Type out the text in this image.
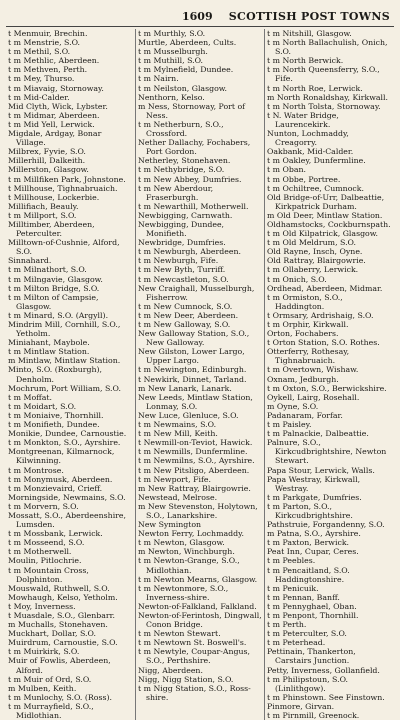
1609 SCOTTISH POST TOWNS

t Menmuir, Brechin.

t m Menstrie, S.O.

t m Methil, S.O.

t m Methlic, Aberdeen.

t m Methven, Perth.

t m Mey, Thurso.

t m Miavaig, Stornoway.

t m Mid-Calder.

Mid Clyth, Wick, Lybster.

t m Midmar, Aberdeen.

t m Mid Yell, Lerwick.

Migdale, Ardgay, Bonar Village.

Milbrex, Fyvie, S.O.

Millerhill, Dalkeith.

Millerston, Glasgow.

t m Millfiken Park, Johnstone.

t Millhouse, Tighnabruaich.

t Millhouse, Lockerbie.

Millifiach, Beauly.

t m Millport, S.O.

Milltimber, Aberdeen, Peterculter.

Milltown-of-Cushnie, Alford, S.O.

Sinnahard.

t m Milnathort, S.O.

t m Milngavie, Glasgow.

t m Milton Bridge, S.O.

t m Milton of Campsie, Glasgow.

t m Minard, S.O. (Argyll).

Mindrim Mill, Cornhill, S.O., Yetholm.

Miniahant, Maybole.

t m Mintlaw Station.

m Mintlaw, Mintlaw Station.

Minto, S.O. (Roxburgh), Denholm.

Mochrum, Port William, S.O.

t m Moffat.

t m Moidart, S.O.

t m Moniaive, Thornhill.

t m Monifieth, Dundee.

Monikie, Dundee, Carnoustie.

t m Monkton, S.O., Ayrshire.

Montgreenan, Kilmarnock, Kilwinning.

t m Montrose.

t m Monymusk, Aberdeen.

t m Monzievaird, Crieff.

Morningside, Newmains, S.O.

t m Morvern, S.O.

Mossatt, S.O., Aberdeenshire, Lumsden.

t m Mossbank, Lerwick.

t m Mosseend, S.O.

t m Motherwell.

Moulin, Pitlochrie.

t m Mountain Cross, Dolphinton.

Mouswald, Ruthwell, S.O.

Mowhaugh, Kelso, Yetholm.

t Moy, Inverness.

t Muasdale, S.O., Glenbarr.

m Muchalls, Stonehaven.

Muckhart, Dollar, S.O.

Muirdrum, Carnoustie, S.O.

t m Muirkirk, S.O.

Muir of Fowlis, Aberdeen, Alford.

t m Muir of Ord, S.O.

m Mulben, Keith.

t m Munlochy, S.O. (Ross).

t m Murrayfield, S.O., Midlothian.

t m Murthly, S.O.

Murtle, Aberdeen, Cults.

t m Musselburgh.

t m Muthill, S.O.

t m Mylnefield, Dundee.

t m Nairn.

t m Neilston, Glasgow.

Nenthorn, Kelso.

m Ness, Stornoway, Port of Ness.

t m Netherburn, S.O., Crossford.

Nether Dallachy, Fochabers, Port Gordon.

Netherley, Stonehaven.

t m Nethybridge, S.O.

t m New Abbey, Dumfries.

t m New Aberdour, Fraserburgh.

t m Newarthill, Motherwell.

Newbigging, Carnwath.

Newbigging, Dundee, Monifieth.

Newbridge, Dumfries.

t m Newburgh, Aberdeen.

t m Newburgh, Fife.

t m New Byth, Turriff.

t m Newcastleton, S.O.

New Craighall, Musselburgh, Fisherrow.

t m New Cumnock, S.O.

t m New Deer, Aberdeen.

t m New Galloway, S.O.

New Galloway Station, S.O., New Galloway.

New Gilston, Lower Largo, Upper Largo.

t m Newington, Edinburgh.

t Newkirk, Dinnet, Tarland.

m New Lanark, Lanark.

New Leeds, Mintlaw Station, Lonmay, S.O.

New Luce, Glenluce, S.O.

t m Newmains, S.O.

t m New Mill, Keith.

t Newmill-on-Teviot, Hawick.

t m Newmills, Dunfermline.

t m Newmilns, S.O., Ayrshire.

t m New Pitsligo, Aberdeen.

t m Newport, Fife.

m New Rattray, Blairgowrie.

Newstead, Melrose.

m New Stevenston, Holytown, S.O., Lanarkshire.

New Symington

Newton Ferry, Lochmaddy.

t m Newton, Glasgow.

m Newton, Winchburgh.

t m Newton-Grange, S.O., Midlothian.

t m Newton Mearns, Glasgow.

t m Newtonmore, S.O., Inverness-shire.

Newton-of-Falkland, Falkland.

Newton-of-Ferintosh, Dingwall, Conon Bridge.

t m Newton Stewart.

t m Newtown St. Boswell's.

t m Newtyle, Coupar-Angus, S.O., Perthshire.

Nigg, Aberdeen.

Nigg, Nigg Station, S.O.

t m Nigg Station, S.O., Ross-shire.

t m Nitshill, Glasgow.

t m North Ballachulish, Onich, S.O.

t m North Berwick.

t m North Queensferry, S.O., Fife.

t m North Roe, Lerwick.

m North Ronaldshay, Kirkwall.

t m North Tolsta, Stornoway.

t N. Water Bridge, Laurencekirk.

Nunton, Lochmaddy, Creagorry.

Oakbank, Mid-Calder.

t m Oakley, Dunfermline.

t m Oban.

t m Obbe, Portree.

t m Ochiltree, Cumnock.

Old Bridge-of-Urr, Dalbeattie, Kirkpatrick Durham.

m Old Deer, Mintlaw Station.

Oldhamstocks, Cockburnspath.

t m Old Kilpatrick, Glasgow.

t m Old Meldrum, S.O.

Old Rayne, Insch, Oyne.

Old Rattray, Blairgowrie.

t m Ollaberry, Lerwick.

t m Onich, S.O.

Ordhead, Aberdeen, Midmar.

t m Ormiston, S.O., Haddington.

t Ormsary, Ardrishaig, S.O.

t m Orphir, Kirkwall.

Orton, Fochabers.

t Orton Station, S.O. Rothes.

Otterferry, Rothesay, Tighnabruaich.

t m Overtown, Wishaw.

Oxnam, Jedburgh.

t m Oxton, S.O., Berwickshire.

Oykell, Lairg, Rosehall.

m Oyne, S.O.

Padanaram, Forfar.

t m Paisley.

t m Palnackie, Dalbeattie.

Palnure, S.O., Kirkcudbrightshire, Newton Stewart.

Papa Stour, Lerwick, Walls.

Papa Westray, Kirkwall, Westray.

t m Parkgate, Dumfries.

t m Parton, S.O., Kirkcudbrightshire.

Pathstruie, Forgandenny, S.O.

m Patna, S.O., Ayrshire.

t m Paxton, Berwick.

Peat Inn, Cupar, Ceres.

t m Peebles.

t m Pencaitland, S.O. Haddingtonshire.

t m Penicuik.

t m Pennan, Banff.

t m Pennyghael, Oban.

t m Penpont, Thornhill.

t m Perth.

t m Peterculter, S.O.

t m Peterhead.

Pettinain, Thankerton, Carstairs Junction.

Petty, Inverness, Gollanfield.

t m Philipstoun, S.O. (Linlithgow).

t m Phinstown. See Finstown.

Pinmore, Girvan.

t m Pirnmill, Greenock.
